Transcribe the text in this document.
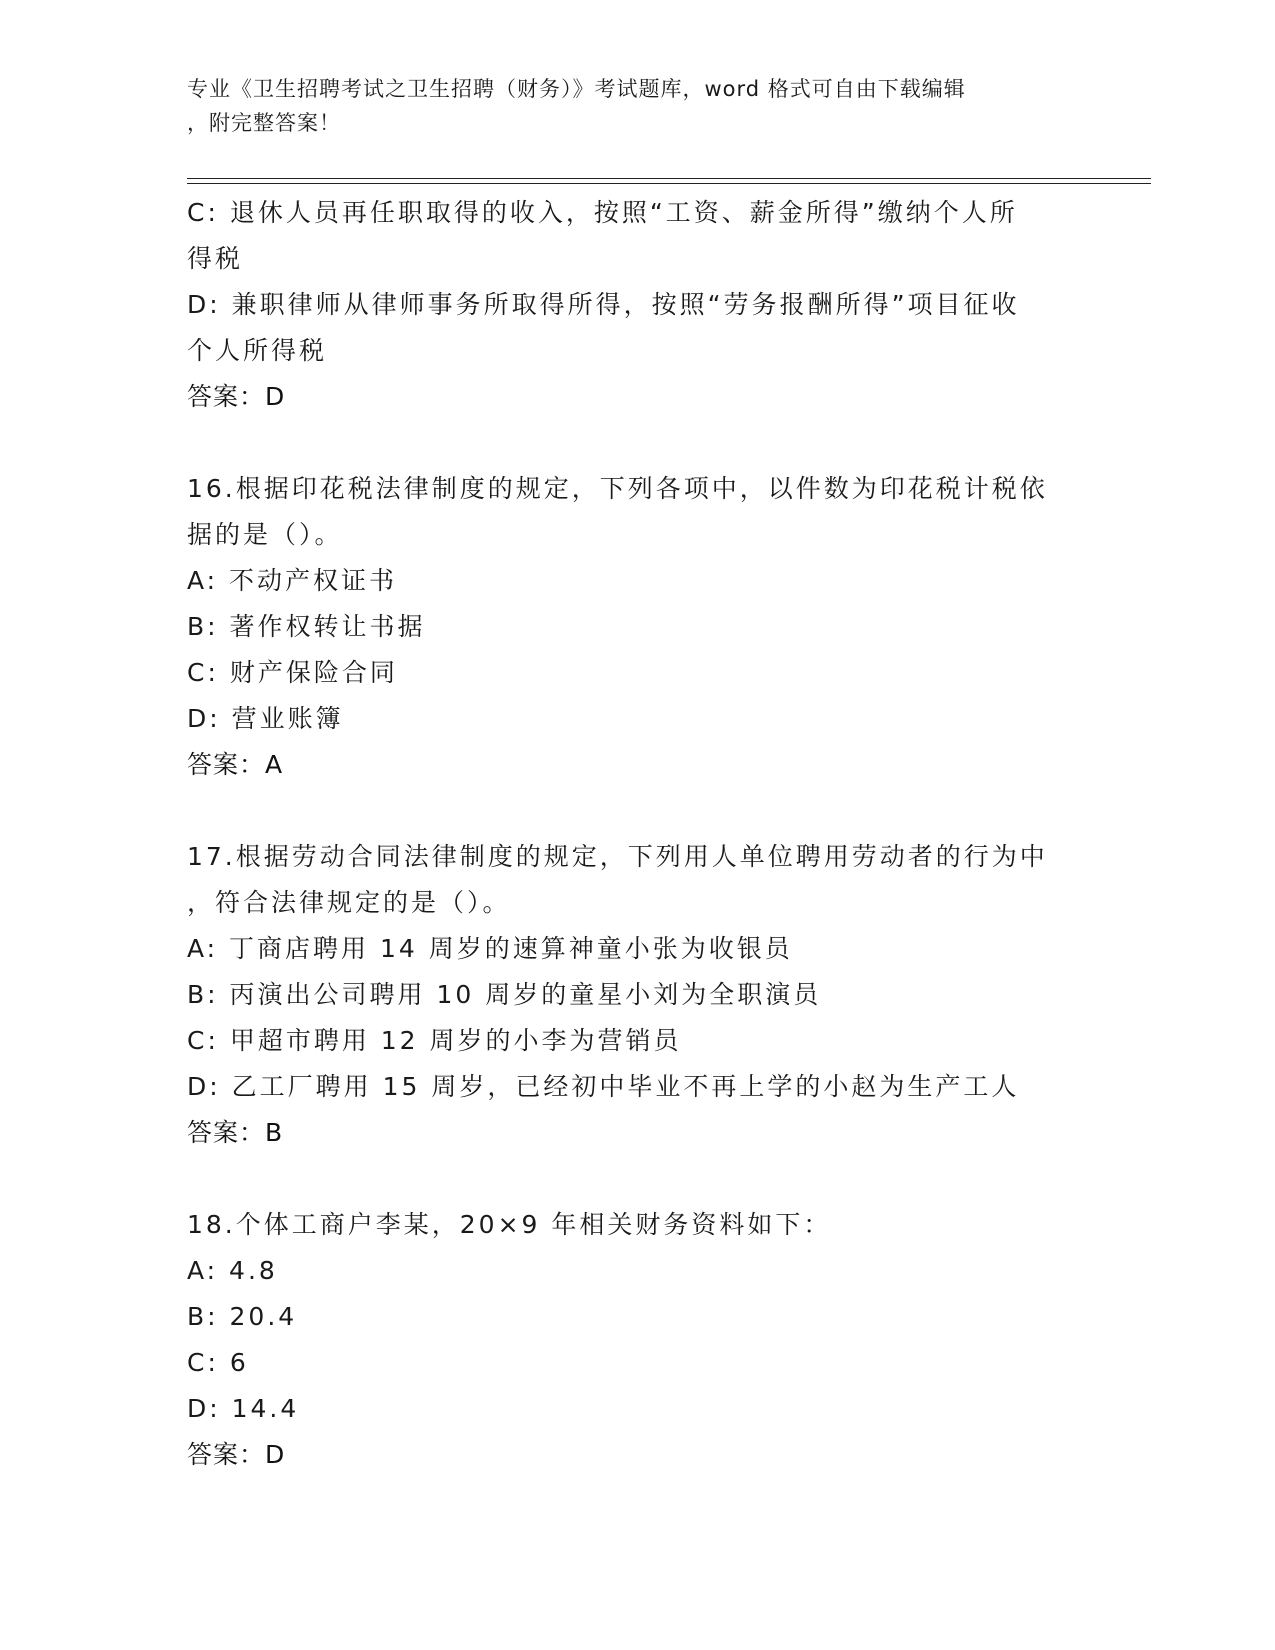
专业《卫生招聘考试之卫生招聘（财务）》考试题库，word 格式可自由下载编辑
，附完整答案！
C: 退休人员再任职取得的收入，按照“工资、薪金所得”缴纳个人所
得税
D: 兼职律师从律师事务所取得所得，按照“劳务报酬所得”项目征收
个人所得税
答案：D
16.根据印花税法律制度的规定，下列各项中，以件数为印花税计税依
据的是（）。
A: 不动产权证书
B: 著作权转让书据
C: 财产保险合同
D: 营业账簿
答案：A
17.根据劳动合同法律制度的规定，下列用人单位聘用劳动者的行为中
，符合法律规定的是（）。
A: 丁商店聘用 14 周岁的速算神童小张为收银员
B: 丙演出公司聘用 10 周岁的童星小刘为全职演员
C: 甲超市聘用 12 周岁的小李为营销员
D: 乙工厂聘用 15 周岁，已经初中毕业不再上学的小赵为生产工人
答案：B
18.个体工商户李某，20×9 年相关财务资料如下：
A: 4.8
B: 20.4
C: 6
D: 14.4
答案：D
